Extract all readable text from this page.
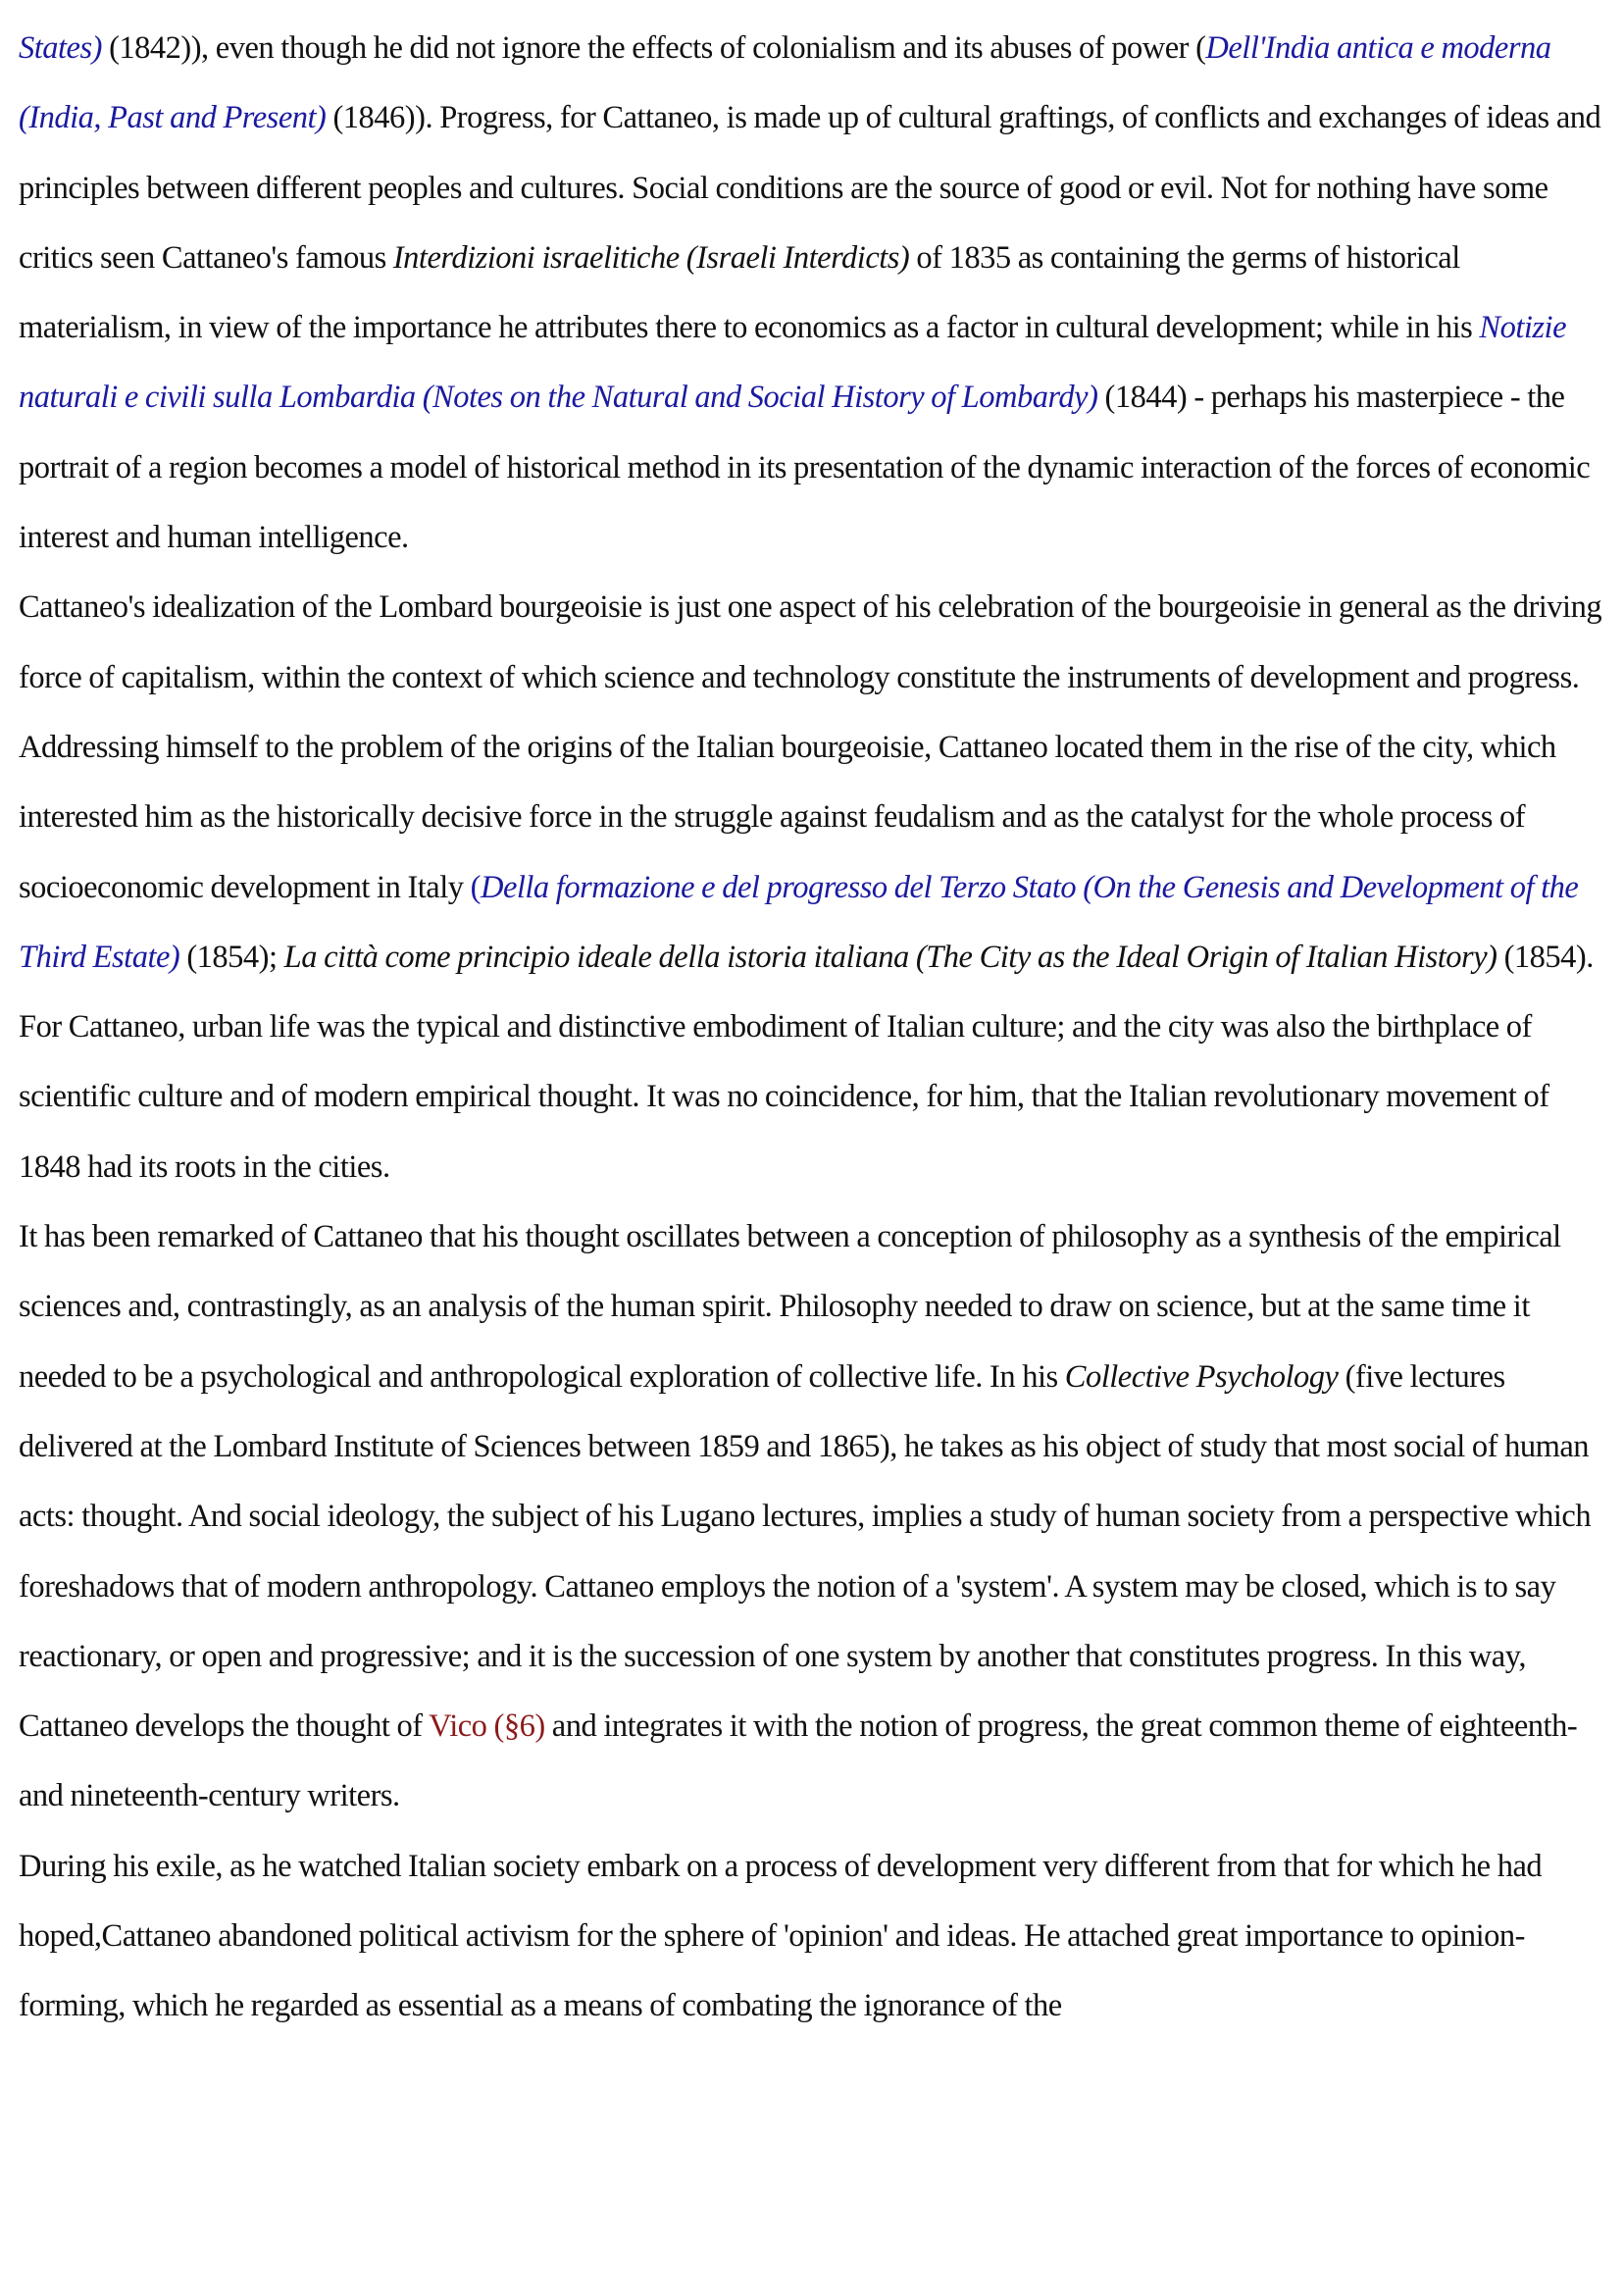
States) (1842)), even though he did not ignore the effects of colonialism and its abuses of power (Dell'India antica e moderna (India, Past and Present) (1846)). Progress, for Cattaneo, is made up of cultural graftings, of conflicts and exchanges of ideas and principles between different peoples and cultures. Social conditions are the source of good or evil. Not for nothing have some critics seen Cattaneo's famous Interdizioni israelitiche (Israeli Interdicts) of 1835 as containing the germs of historical materialism, in view of the importance he attributes there to economics as a factor in cultural development; while in his Notizie naturali e civili sulla Lombardia (Notes on the Natural and Social History of Lombardy) (1844) - perhaps his masterpiece - the portrait of a region becomes a model of historical method in its presentation of the dynamic interaction of the forces of economic interest and human intelligence.

Cattaneo's idealization of the Lombard bourgeoisie is just one aspect of his celebration of the bourgeoisie in general as the driving force of capitalism, within the context of which science and technology constitute the instruments of development and progress. Addressing himself to the problem of the origins of the Italian bourgeoisie, Cattaneo located them in the rise of the city, which interested him as the historically decisive force in the struggle against feudalism and as the catalyst for the whole process of socioeconomic development in Italy (Della formazione e del progresso del Terzo Stato (On the Genesis and Development of the Third Estate) (1854); La città come principio ideale della istoria italiana (The City as the Ideal Origin of Italian History) (1854). For Cattaneo, urban life was the typical and distinctive embodiment of Italian culture; and the city was also the birthplace of scientific culture and of modern empirical thought. It was no coincidence, for him, that the Italian revolutionary movement of 1848 had its roots in the cities.

It has been remarked of Cattaneo that his thought oscillates between a conception of philosophy as a synthesis of the empirical sciences and, contrastingly, as an analysis of the human spirit. Philosophy needed to draw on science, but at the same time it needed to be a psychological and anthropological exploration of collective life. In his Collective Psychology (five lectures delivered at the Lombard Institute of Sciences between 1859 and 1865), he takes as his object of study that most social of human acts: thought. And social ideology, the subject of his Lugano lectures, implies a study of human society from a perspective which foreshadows that of modern anthropology. Cattaneo employs the notion of a 'system'. A system may be closed, which is to say reactionary, or open and progressive; and it is the succession of one system by another that constitutes progress. In this way, Cattaneo develops the thought of Vico (§6) and integrates it with the notion of progress, the great common theme of eighteenth- and nineteenth-century writers.

During his exile, as he watched Italian society embark on a process of development very different from that for which he had hoped,Cattaneo abandoned political activism for the sphere of 'opinion' and ideas. He attached great importance to opinion-forming, which he regarded as essential as a means of combating the ignorance of the
